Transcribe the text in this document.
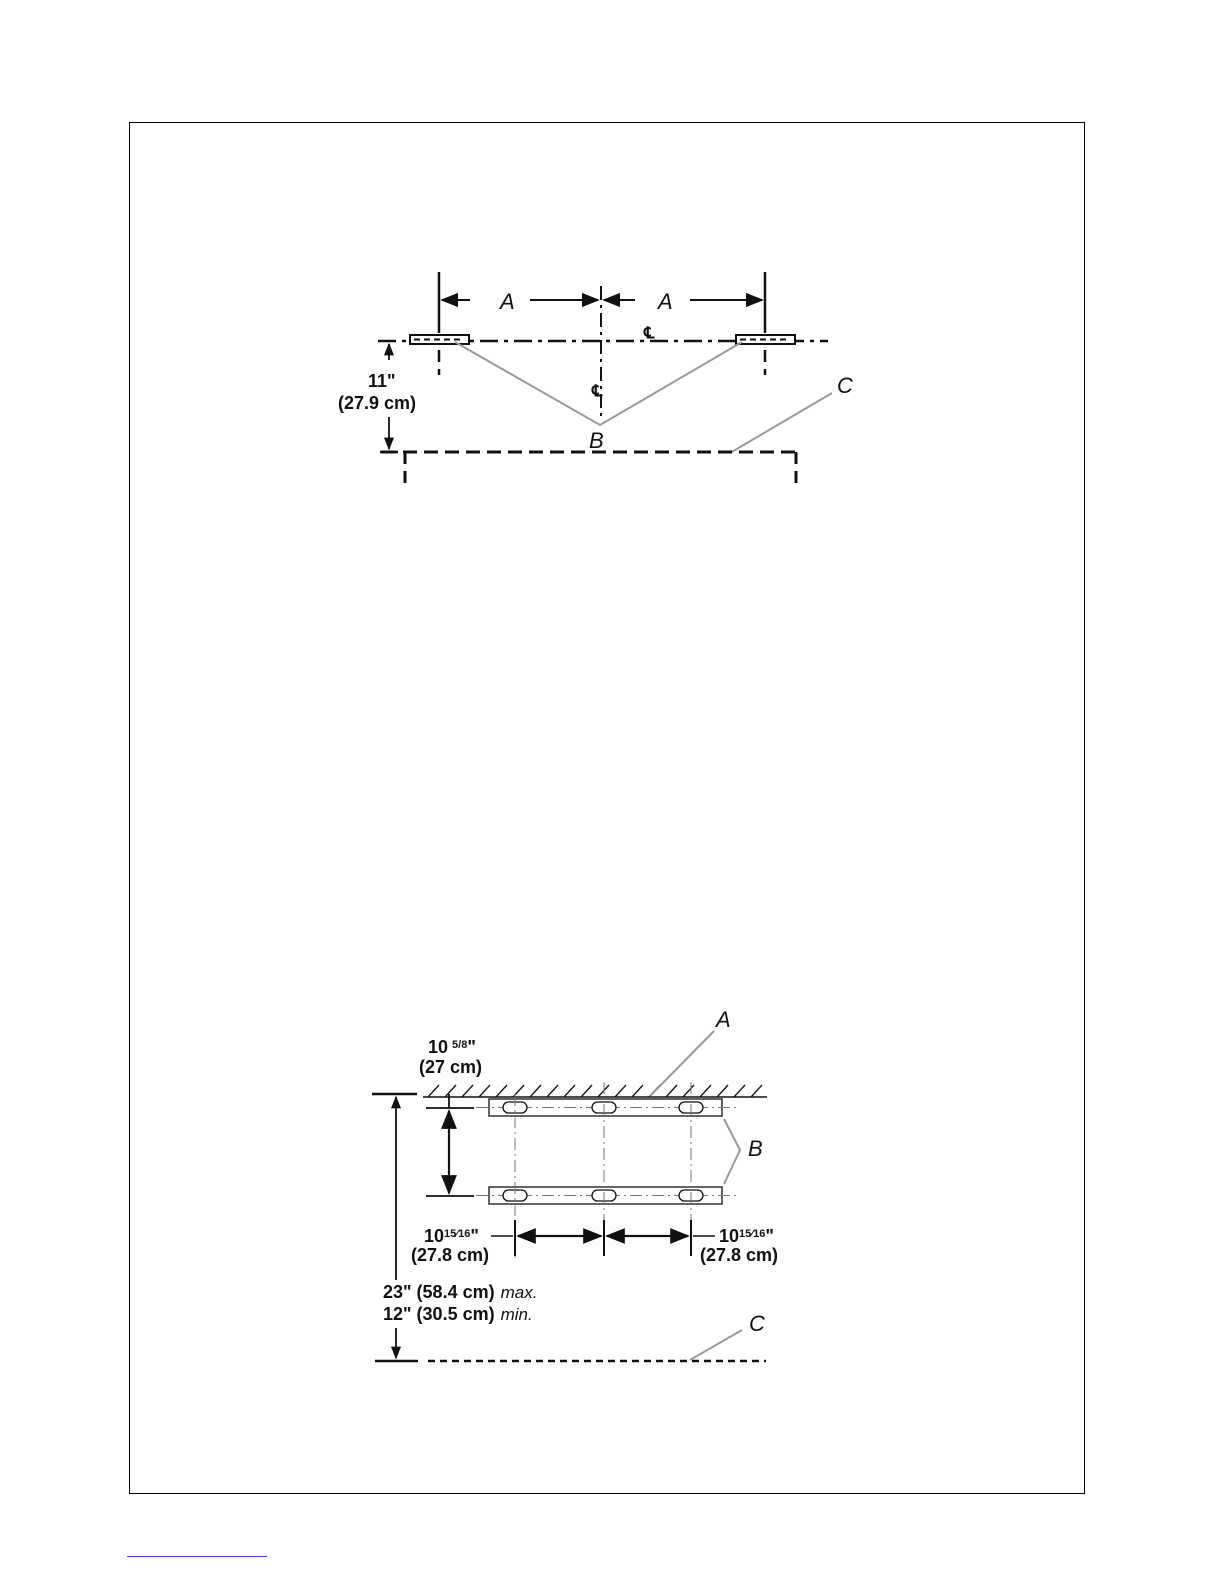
A	A
℄
℄
B
C
11"
(27.9 cm)
A
B
10 $^{5/8}$"
(27 cm)
$10^{15⁄16}$"
(27.8 cm)
$10^{15⁄16}$"
(27.8 cm)
23" (58.4 cm) max.
12" (30.5 cm) min.	C
